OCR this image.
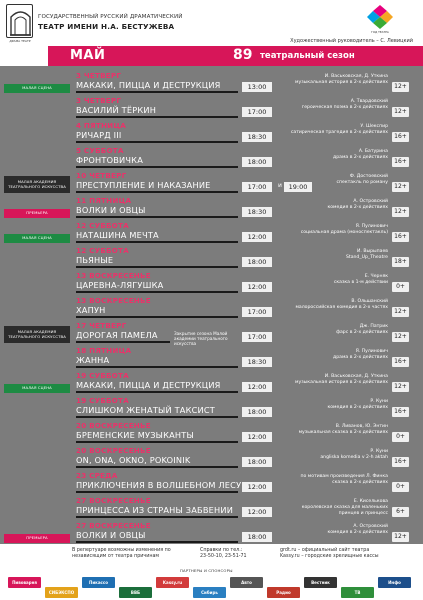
ДРАМА ТЕАТР
ГОСУДАРСТВЕННЫЙ РУССКИЙ ДРАМАТИЧЕСКИЙ
ТЕАТР ИМЕНИ Н.А. БЕСТУЖЕВА
ГОД ТЕАТРА
Художественный руководитель – С. Левицкий
МАЙ	89 театральный сезон
МАЛАЯ СЦЕНА
3 ЧЕТВЕРГ
МАКАКИ, ПИЦЦА И ДЕСТРУКЦИЯ	13:00
И. Васьковская, Д. Уткина
музыкальная история в 2-х действиях
12+
3 ЧЕТВЕРГ
ВАСИЛИЙ ТЁРКИН	17:00
А. Твардовский
героическая поэма в 2-х действиях
12+
4 ПЯТНИЦА
РИЧАРД III	18:30
У. Шекспир
сатирическая трагедия в 2-х действиях
16+
5 СУББОТА
ФРОНТОВИЧКА	18:00
А. Батурина
драма в 2-х действиях
16+
МАЛАЯ АКАДЕМИЯ ТЕАТРАЛЬНОГО ИСКУССТВА
10 ЧЕТВЕРГ
ПРЕСТУПЛЕНИЕ И НАКАЗАНИЕ	17:00	и	19:00
Ф. Достоевский
спектакль по роману
12+
ПРЕМЬЕРА
11 ПЯТНИЦА
ВОЛКИ И ОВЦЫ	18:30
А. Островский
комедия в 2-х действиях
12+
МАЛАЯ СЦЕНА
12 СУББОТА
НАТАШИНА МЕЧТА	12:00
Я. Пулинович
социальная драма (моноспектакль)
16+
12 СУББОТА
ПЬЯНЫЕ	18:00
И. Вырыпаев
Stand_Up_Theatre
18+
13 ВОСКРЕСЕНЬЕ
ЦАРЕВНА-ЛЯГУШКА	12:00
Е. Черняк
сказка в 1-м действии
0+
13 ВОСКРЕСЕНЬЕ
ХАПУН	17:00
В. Ольшанский
малороссийская комедия в 2-х частях
12+
МАЛАЯ АКАДЕМИЯ ТЕАТРАЛЬНОГО ИСКУССТВА
17 ЧЕТВЕРГ
ДОРОГАЯ ПАМЕЛА	Закрытие сезона Малой академии театрального искусства
17:00
Дж. Патрик
фарс в 2-х действиях
12+
18 ПЯТНИЦА
ЖАННА	18:30
Я. Пулинович
драма в 2-х действиях
16+
МАЛАЯ СЦЕНА
19 СУББОТА
МАКАКИ, ПИЦЦА И ДЕСТРУКЦИЯ	12:00
И. Васьковская, Д. Уткина
музыкальная история в 2-х действиях
12+
19 СУББОТА
СЛИШКОМ ЖЕНАТЫЙ ТАКСИСТ	18:00
Р. Куни
комедия в 2-х действиях
16+
20 ВОСКРЕСЕНЬЕ
БРЕМЕНСКИЕ МУЗЫКАНТЫ	12:00
В. Ливанов, Ю. Энтин
музыкальная сказка в 2-х действиях
0+
20 ВОСКРЕСЕНЬЕ
ON, ONA, OKNO, POKOINIK	18:00
Р. Куни
angliska komedia v 2-h aktah
16+
23 СРЕДА
ПРИКЛЮЧЕНИЯ В ВОЛШЕБНОМ ЛЕСУ 12:00
по мотивам произведения Л. Финка
сказка в 2-х действиях
0+
27 ВОСКРЕСЕНЬЕ
ПРИНЦЕССА ИЗ СТРАНЫ ЗАБВЕНИИ	12:00
Е. Киселькова
королевская сказка для маленьких принцев и принцесс	6+
ПРЕМЬЕРА
27 ВОСКРЕСЕНЬЕ
ВОЛКИ И ОВЦЫ	18:00
А. Островский
комедия в 2-х действиях
12+
В репертуаре возможны изменения по независящим от театра причинам
Справки по тел.:
23-50-10, 23-51-71
grdt.ru – официальный сайт театра
Kassy.ru – городские зрелищные кассы
ПАРТНЕРЫ И СПОНСОРЫ
Пивоварня
СИБЭКСПО
Пикассо
ВВБ
Kassy.ru
Сибирь
Авто
Радио
Вестник
ТВ
Инфо
